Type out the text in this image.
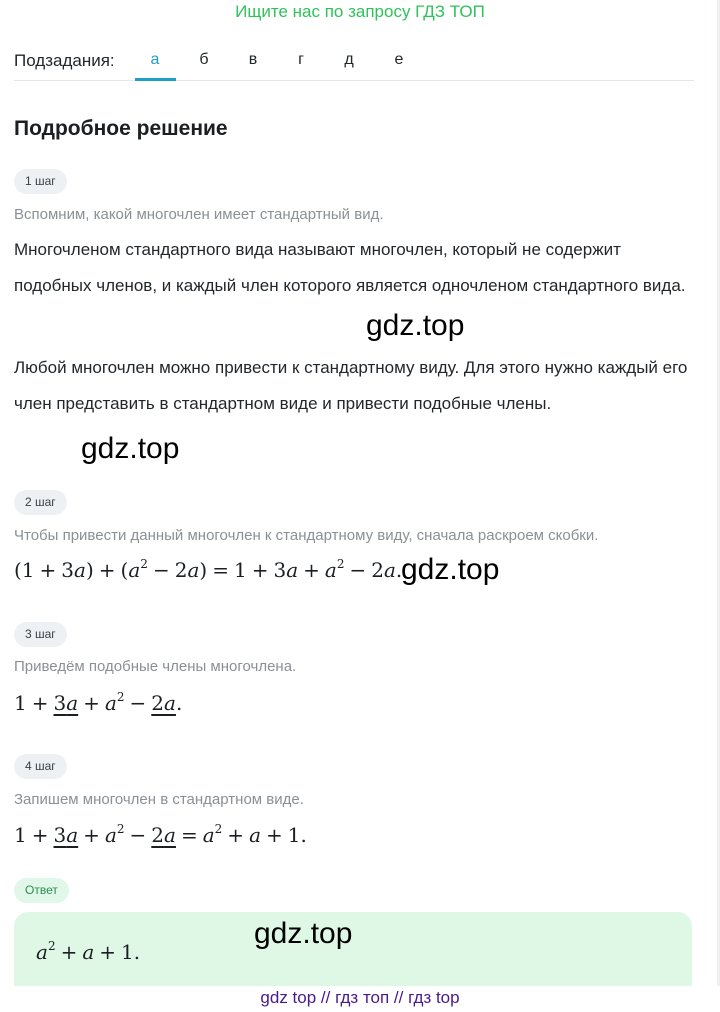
Ищите нас по запросу ГДЗ ТОП
Подзадания:	а	б	в	г	д	е
Подробное решение
1 шаг
Вспомним, какой многочлен имеет стандартный вид.
Многочленом стандартного вида называют многочлен, который не содержит подобных членов, и каждый член которого является одночленом стандартного вида.
Любой многочлен можно привести к стандартному виду. Для этого нужно каждый его член представить в стандартном виде и привести подобные члены.
gdz.top
gdz.top
2 шаг
Чтобы привести данный многочлен к стандартному виду, сначала раскроем скобки.
$(1 + 3a) + (a^2 - 2a) = 1 + 3a + a^2 - 2a$.
gdz.top
3 шаг
Приведём подобные члены многочлена.
$1 + 3a + a^2 - 2a$.
4 шаг
Запишем многочлен в стандартном виде.
$1 + 3a + a^2 - 2a = a^2 + a + 1$.
Ответ
$a^2 + a + 1$.
gdz.top
gdz top // гдз топ // гдз top
